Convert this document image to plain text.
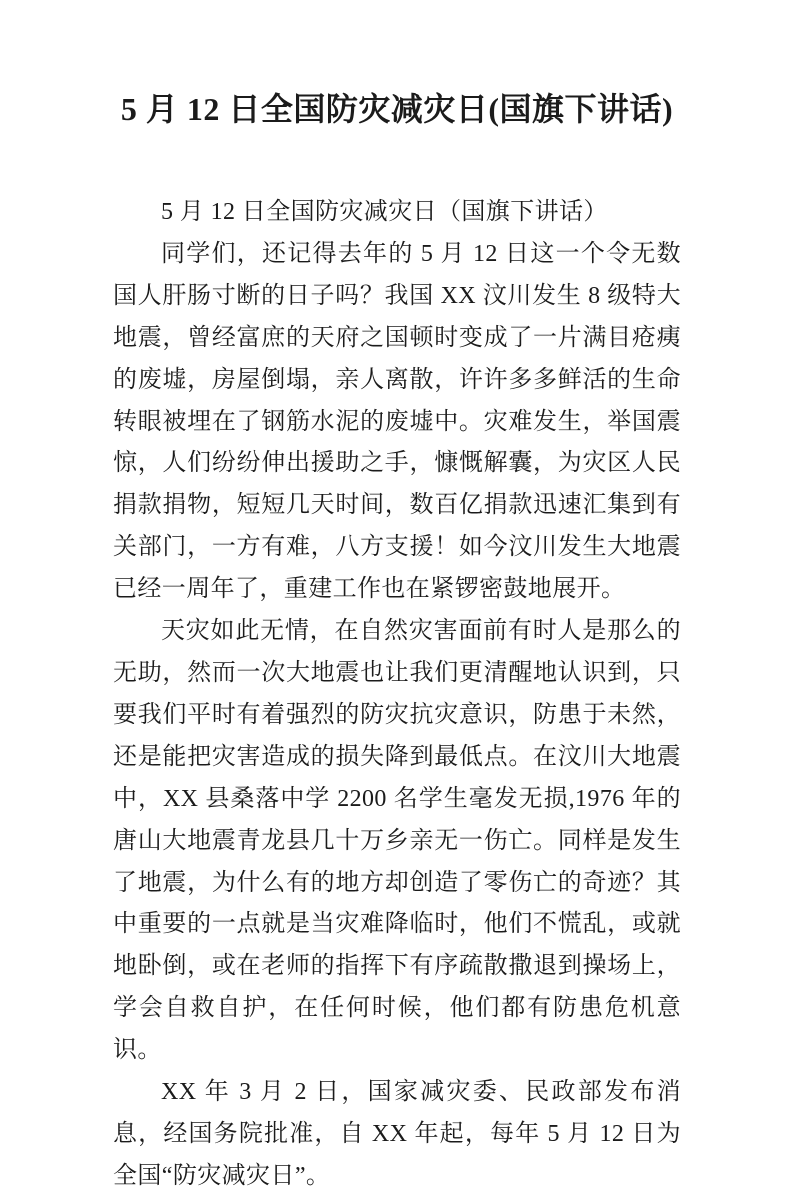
5 月 12 日全国防灾减灾日(国旗下讲话)

5 月 12 日全国防灾减灾日（国旗下讲话）

同学们，还记得去年的 5 月 12 日这一个令无数国人肝肠寸断的日子吗？我国 XX 汶川发生 8 级特大地震，曾经富庶的天府之国顿时变成了一片满目疮痍的废墟，房屋倒塌，亲人离散，许许多多鲜活的生命转眼被埋在了钢筋水泥的废墟中。灾难发生，举国震惊，人们纷纷伸出援助之手，慷慨解囊，为灾区人民捐款捐物，短短几天时间，数百亿捐款迅速汇集到有关部门，一方有难，八方支援！如今汶川发生大地震已经一周年了，重建工作也在紧锣密鼓地展开。

天灾如此无情，在自然灾害面前有时人是那么的无助，然而一次大地震也让我们更清醒地认识到，只要我们平时有着强烈的防灾抗灾意识，防患于未然，还是能把灾害造成的损失降到最低点。在汶川大地震中，XX 县桑落中学 2200 名学生毫发无损,1976 年的唐山大地震青龙县几十万乡亲无一伤亡。同样是发生了地震，为什么有的地方却创造了零伤亡的奇迹？其中重要的一点就是当灾难降临时，他们不慌乱，或就地卧倒，或在老师的指挥下有序疏散撒退到操场上，学会自救自护，在任何时候，他们都有防患危机意识。

XX 年 3 月 2 日，国家减灾委、民政部发布消息，经国务院批准，自 XX 年起，每年 5 月 12 日为全国“防灾减灾日”。
